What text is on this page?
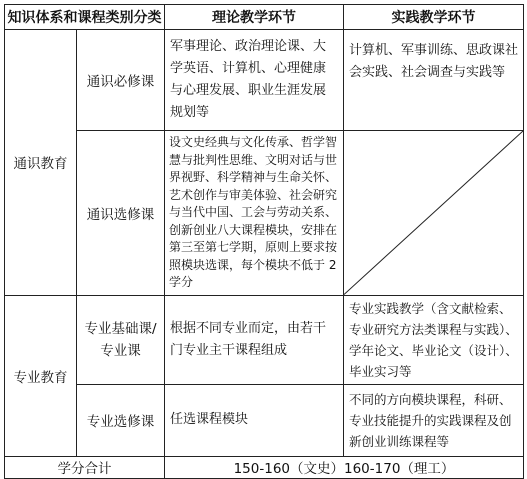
知识体系和课程类别分类		理论教学环节	实践教学环节
通识教育	通识必修课	军事理论、政治理论课、大学英语、计算机、心理健康与心理发展、职业生涯发展规划等	计算机、军事训练、思政课社会实践、社会调查与实践等
	通识选修课	设文史经典与文化传承、哲学智慧与批判性思维、文明对话与世界视野、科学精神与生命关怀、艺术创作与审美体验、社会研究与当代中国、工会与劳动关系、创新创业八大课程模块，安排在第三至第七学期，原则上要求按照模块选课，每个模块不低于 2 学分	

专业教育	专业基础课/专业课	根据不同专业而定，由若干门专业主干课程组成	专业实践教学（含文献检索、专业研究方法类课程与实践）、学年论文、毕业论文（设计）、毕业实习等
	专业选修课	任选课程模块	不同的方向模块课程，科研、专业技能提升的实践课程及创新创业训练课程等
学分合计		150-160（文史）160-170（理工）	
